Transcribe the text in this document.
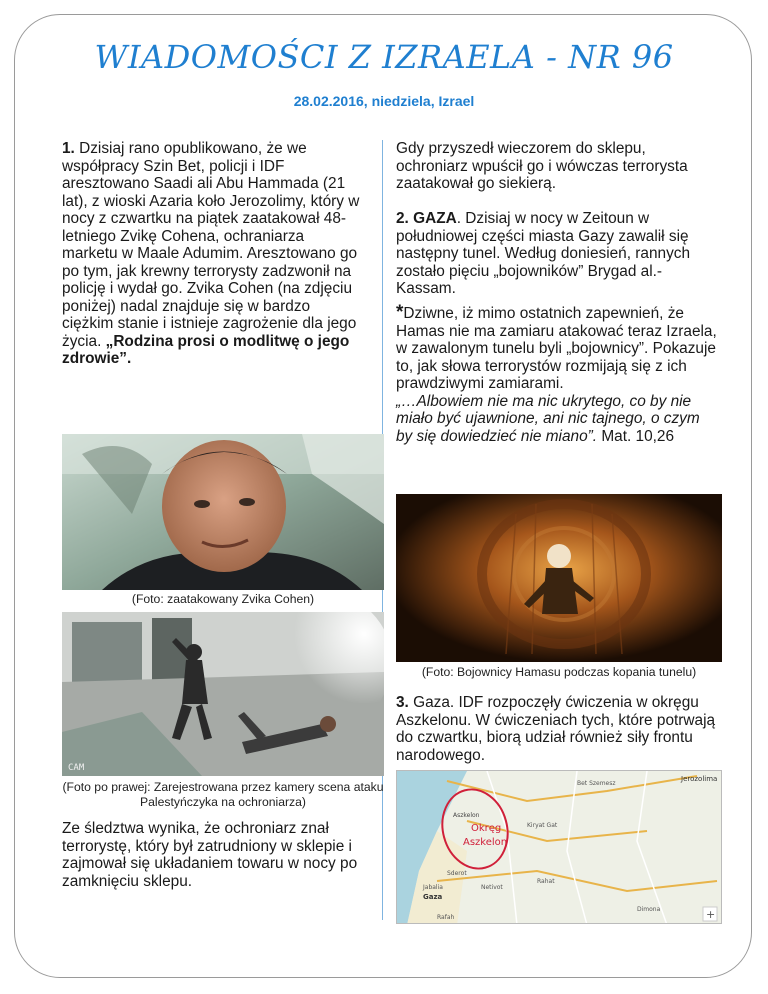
WIADOMOŚCI Z IZRAELA - NR 96
28.02.2016, niedziela, Izrael

1. Dzisiaj rano opublikowano, że we współpracy Szin Bet, policji i IDF aresztowano Saadi ali Abu Hammada (21 lat), z wioski Azaria koło Jerozolimy, który w nocy z czwartku na piątek zaatakował 48-letniego Zvikę Cohena, ochraniarza marketu w Maale Adumim. Aresztowano go po tym, jak krewny terrorysty zadzwonił na policję i wydał go. Zvika Cohen (na zdjęciu poniżej) nadal znajduje się w bardzo ciężkim stanie i istnieje zagrożenie dla jego życia. „Rodzina prosi o modlitwę o jego zdrowie”.

(Foto: zaatakowany Zvika Cohen)
CAM
(Foto po prawej: Zarejestrowana przez kamery scena ataku Palestyńczyka na ochroniarza)

Ze śledztwa wynika, że ochroniarz znał terrorystę, który był zatrudniony w sklepie i zajmował się układaniem towaru w nocy po zamknięciu sklepu.

Gdy przyszedł wieczorem do sklepu, ochroniarz wpuścił go i wówczas terrorysta zaatakował go siekierą.

2. GAZA. Dzisiaj w nocy w Zeitoun w południowej części miasta Gazy zawalił się następny tunel. Według doniesień, rannych zostało pięciu „bojowników” Brygad al.-Kassam.

*Dziwne, iż mimo ostatnich zapewnień, że Hamas nie ma zamiaru atakować teraz Izraela, w zawalonym tunelu byli „bojownicy”. Pokazuje to, jak słowa terrorystów rozmijają się z ich prawdziwymi zamiarami.
„…Albowiem nie ma nic ukrytego, co by nie miało być ujawnione, ani nic tajnego, o czym by się dowiedzieć nie miano”. Mat. 10,26

(Foto: Bojownicy Hamasu podczas kopania tunelu)

3. Gaza. IDF rozpoczęły ćwiczenia w okręgu Aszkelonu. W ćwiczeniach tych, które potrwają do czwartku, biorą udział również siły frontu narodowego.

Okręg
Aszkelon
Aszkelon
Jerozolima
Bet Szemesz
Kiryat Gat
Sderot
Netivot
Rahat
Jabalia
Gaza
Rafah
Dimona	+
